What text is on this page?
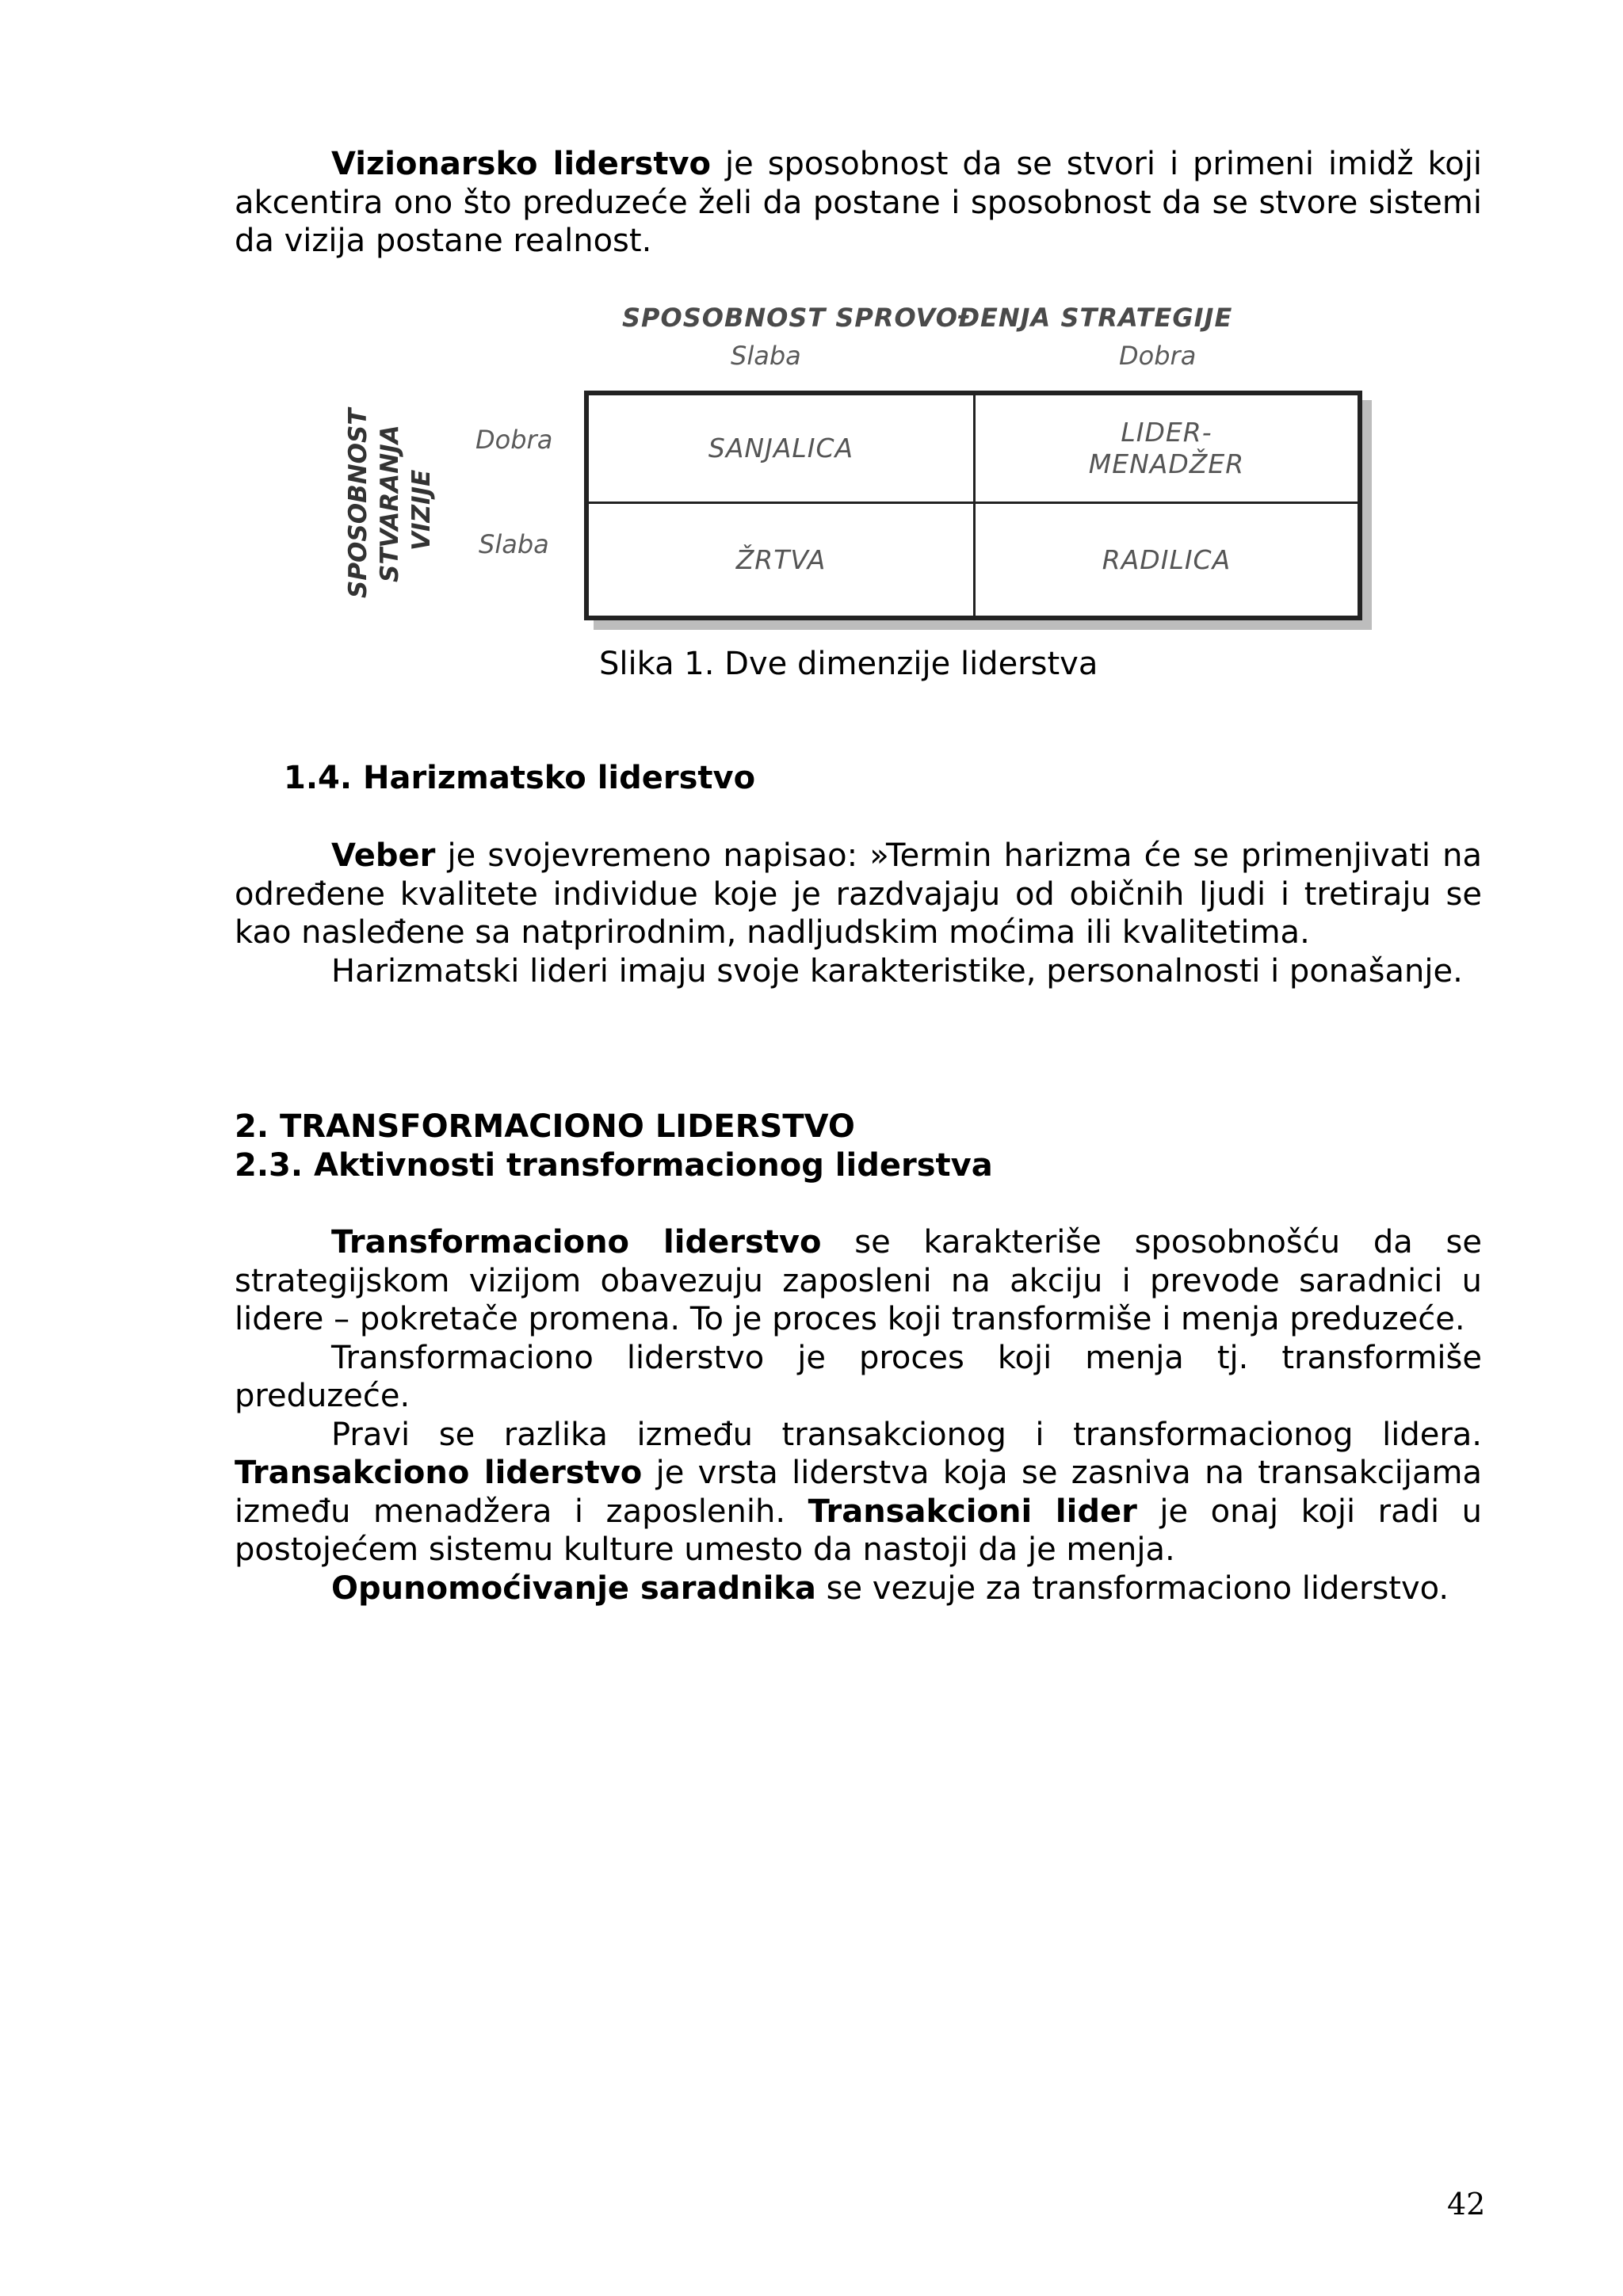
Vizionarsko liderstvo je sposobnost da se stvori i primeni imidž koji akcentira ono što preduzeće želi da postane i sposobnost da se stvore sistemi da vizija postane realnost.

SPOSOBNOST SPROVOĐENJA STRATEGIJE
Slaba	Dobra
SPOSOBNOST STVARANJA VIZIJE
Dobra
Slaba
SANJALICA
LIDER-
MENADŽER
ŽRTVA	RADILICA
Slika 1. Dve dimenzije liderstva

1.4. Harizmatsko liderstvo

Veber je svojevremeno napisao: »Termin harizma će se primenjivati na određene kvalitete individue koje je razdvajaju od običnih ljudi i tretiraju se kao nasleđene sa natprirodnim, nadljudskim moćima ili kvalitetima.

Harizmatski lideri imaju svoje karakteristike, personalnosti i ponašanje.

2. TRANSFORMACIONO LIDERSTVO

2.3. Aktivnosti transformacionog liderstva

Transformaciono liderstvo se karakteriše sposobnošću da se strategijskom vizijom obavezuju zaposleni na akciju i prevode saradnici u lidere – pokretače promena. To je proces koji transformiše i menja preduzeće.

Transformaciono liderstvo je proces koji menja tj. transformiše preduzeće.

Pravi se razlika između transakcionog i transformacionog lidera. Transakciono liderstvo je vrsta liderstva koja se zasniva na transakcijama između menadžera i zaposlenih. Transakcioni lider je onaj koji radi u postojećem sistemu kulture umesto da nastoji da je menja.

Opunomoćivanje saradnika se vezuje za transformaciono liderstvo.

42
